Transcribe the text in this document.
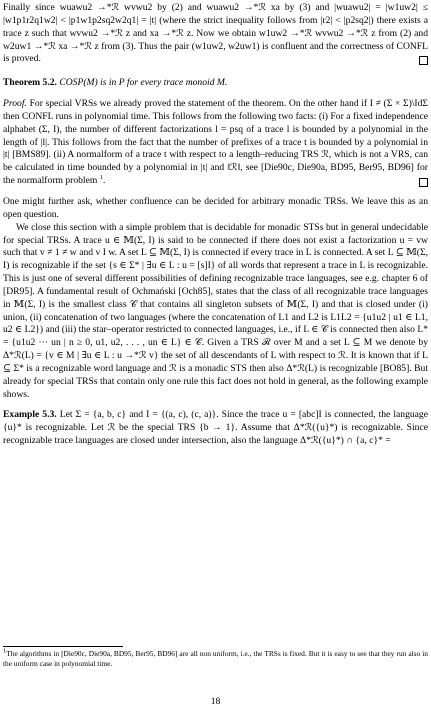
Finally since wuawu2 →*ℛ wvwu2 by (2) and wuawu2 →*ℛ xa by (3) and |wuawu2| = |w1uw2| ≤ |w1p1r2q1w2| < |p1w1p2sq2w2q1| = |t| (where the strict inequality follows from |r2| < |p2sq2|) there exists a trace z such that wvwu2 →*ℛ z and xa →*ℛ z. Now we obtain w1uw2 →*ℛ wvwu2 →*ℛ z from (2) and w2uw1 →*ℛ xa →*ℛ z from (3). Thus the pair (w1uw2, w2uw1) is confluent and the correctness of CONFL is proved.

Theorem 5.2. COSP(M) is in P for every trace monoid M.

Proof. For special VRSs we already proved the statement of the theorem. On the other hand if I ≠ (Σ × Σ)\IdΣ then CONFL runs in polynomial time. This follows from the following two facts: (i) For a fixed independence alphabet (Σ, I), the number of different factorizations l = psq of a trace l is bounded by a polynomial in the length of |l|. This follows from the fact that the number of prefixes of a trace t is bounded by a polynomial in |t| [BMS89]. (ii) A normalform of a trace t with respect to a length–reducing TRS ℛ, which is not a VRS, can be calculated in time bounded by a polynomial in |t| and ‖ℛ‖, see [Die90c, Die90a, BD95, Ber95, BD96] for the normalform problem $^1$.

One might further ask, whether confluence can be decided for arbitrary monadic TRSs. We leave this as an open question.

We close this section with a simple problem that is decidable for monadic STSs but in general undecidable for special TRSs. A trace u ∈ 𝕄(Σ, I) is said to be connected if there does not exist a factorization u = vw such that v ≠ 1 ≠ w and v I w. A set L ⊆ 𝕄(Σ, I) is connected if every trace in L is connected. A set L ⊆ 𝕄(Σ, I) is recognizable if the set {s ∈ Σ* | ∃u ∈ L : u = [s]I} of all words that represent a trace in L is recognizable. This is just one of several different possibilities of defining recognizable trace languages, see e.g. chapter 6 of [DR95]. A fundamental result of Ochmański [Och85], states that the class of all recognizable trace languages in 𝕄(Σ, I) is the smallest class 𝒞 that contains all singleton subsets of 𝕄(Σ, I) and that is closed under (i) union, (ii) concatenation of two languages (where the concatenation of L1 and L2 is L1L2 = {u1u2 | u1 ∈ L1, u2 ∈ L2}) and (iii) the star–operator restricted to connected languages, i.e., if L ∈ 𝒞 is connected then also L* = {u1u2 ··· un | n ≥ 0, u1, u2, . . . , un ∈ L} ∈ 𝒞. Given a TRS ℛ over M and a set L ⊆ M we denote by Δ*ℛ(L) = {v ∈ M | ∃u ∈ L : u →*ℛ v} the set of all descendants of L with respect to ℛ. It is known that if L ⊆ Σ* is a recognizable word language and ℛ is a monadic STS then also Δ*ℛ(L) is recognizable [BO85]. But already for special TRSs that contain only one rule this fact does not hold in general, as the following example shows.

Example 5.3. Let Σ = {a, b, c} and I = {(a, c), (c, a)}. Since the trace u = [abc]I is connected, the language {u}* is recognizable. Let ℛ be the special TRS {b → 1}. Assume that Δ*ℛ({u}*) is recognizable. Since recognizable trace languages are closed under intersection, also the language Δ*ℛ({u}*) ∩ {a, c}* =

$^1$The algorithms in [Die90c, Die90a, BD95, Ber95, BD96] are all non uniform, i.e., the TRSs is fixed. But it is easy to see that they run also in the uniform case in polynomial time.
18
